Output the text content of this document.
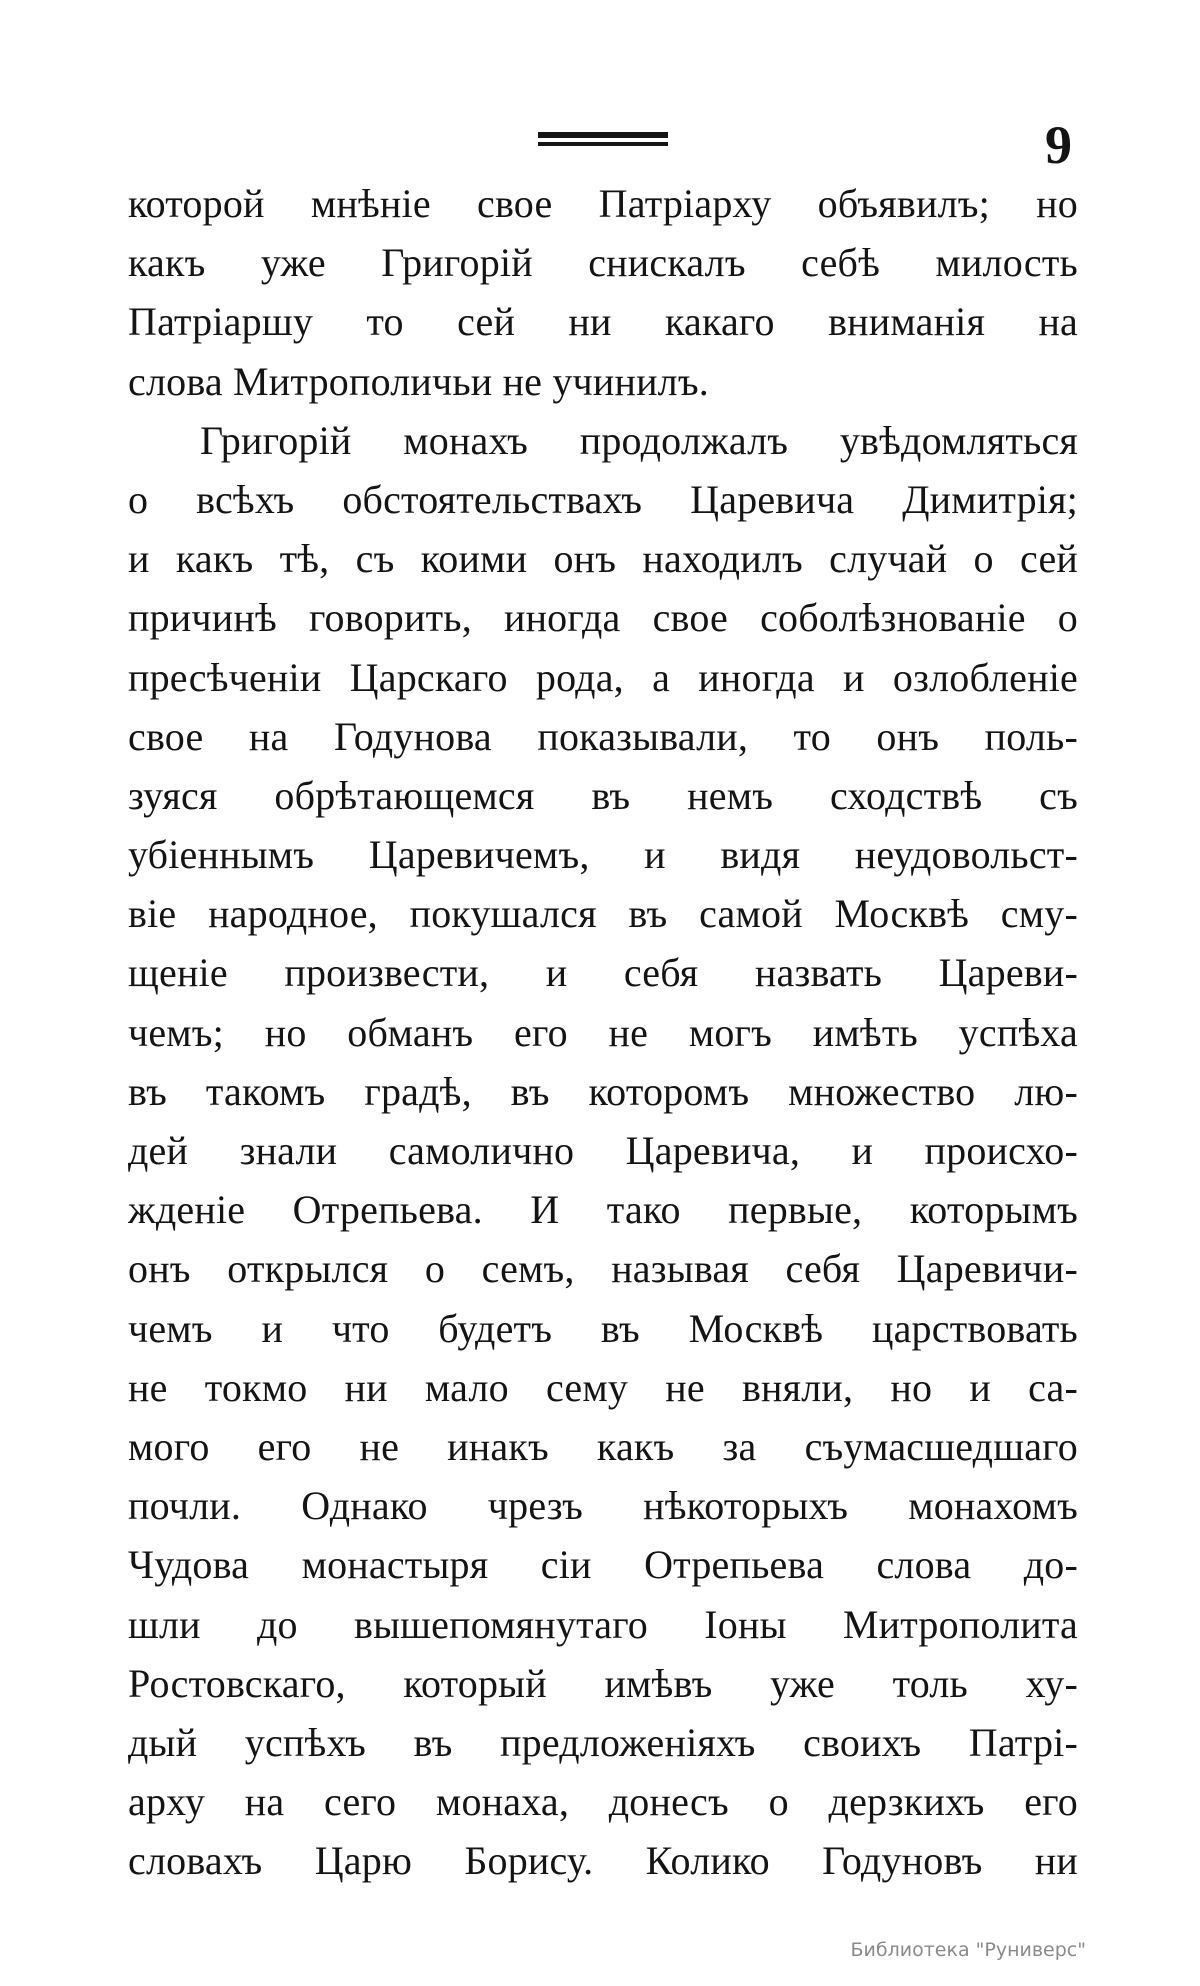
9
которой мнѣніе свое Патріарху объявилъ; но
какъ уже Григорій снискалъ себѣ милость
Патріаршу то сей ни какаго вниманія на
слова Митрополичьи не учинилъ.
Григорій монахъ продолжалъ увѣдомляться
о всѣхъ обстоятельствахъ Царевича Димитрія;
и какъ тѣ, съ коими онъ находилъ случай о сей
причинѣ говорить, иногда свое соболѣзнованіе о
пресѣченіи Царскаго рода, а иногда и озлобленіе
свое на Годунова показывали, то онъ поль-
зуяся обрѣтающемся въ немъ сходствѣ съ
убіеннымъ Царевичемъ, и видя неудовольст-
віе народное, покушался въ самой Москвѣ сму-
щеніе произвести, и себя назвать Цареви-
чемъ; но обманъ его не могъ имѣть успѣха
въ такомъ градѣ, въ которомъ множество лю-
дей знали самолично Царевича, и происхо-
жденіе Отрепьева. И тако первые, которымъ
онъ открылся о семъ, называя себя Царевичи-
чемъ и что будетъ въ Москвѣ царствовать
не токмо ни мало сему не вняли, но и са-
мого его не инакъ какъ за съумасшедшаго
почли. Однако чрезъ нѣкоторыхъ монахомъ
Чудова монастыря сіи Отрепьева слова до-
шли до вышепомянутаго Іоны Митрополита
Ростовскаго, который имѣвъ уже толь ху-
дый успѣхъ въ предложеніяхъ своихъ Патрі-
арху на сего монаха, донесъ о дерзкихъ его
словахъ Царю Борису. Колико Годуновъ ни
Библиотека "Руниверс"
